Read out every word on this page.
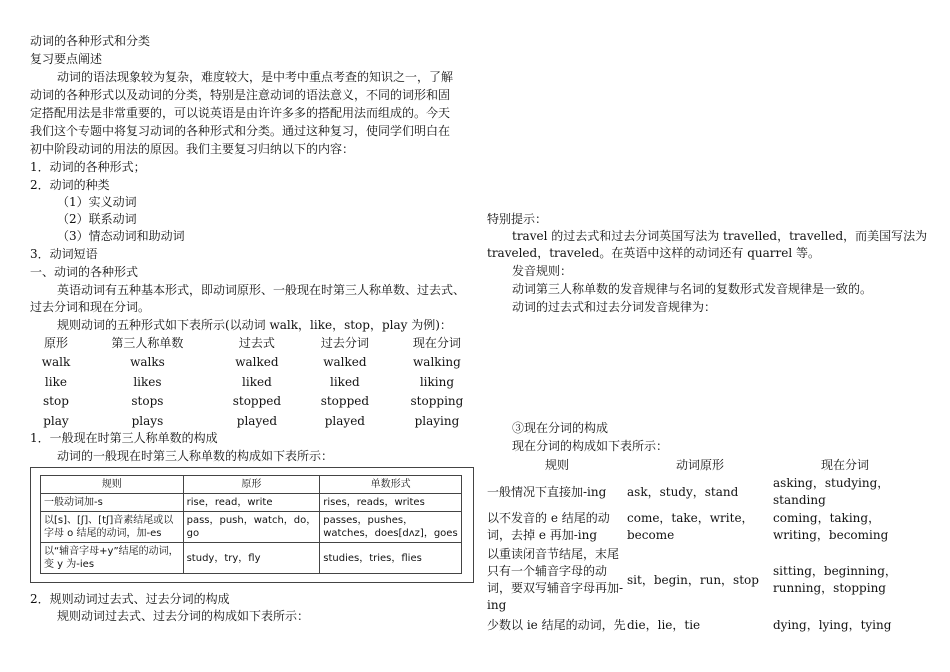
动词的各种形式和分类
复习要点阐述
动词的语法现象较为复杂，难度较大，是中考中重点考查的知识之一，了解
动词的各种形式以及动词的分类，特别是注意动词的语法意义，不同的词形和固
定搭配用法是非常重要的，可以说英语是由许许多多的搭配用法而组成的。今天
我们这个专题中将复习动词的各种形式和分类。通过这种复习，使同学们明白在
初中阶段动词的用法的原因。我们主要复习归纳以下的内容：
1．动词的各种形式；
2．动词的种类
（1）实义动词
（2）联系动词
（3）情态动词和助动词
3．动词短语
一、动词的各种形式
英语动词有五种基本形式，即动词原形、一般现在时第三人称单数、过去式、
过去分词和现在分词。
规则动词的五种形式如下表所示(以动词 walk，like，stop，play 为例)：
原形	第三人称单数	过去式	过去分词	现在分词
walk	walks	walked	walked	walking
like	likes	liked	liked	liking
stop	stops	stopped	stopped	stopping
play	plays	played	played	playing
1．一般现在时第三人称单数的构成
动词的一般现在时第三人称单数的构成如下表所示：
规则	原形	单数形式
一般动词加-s	rise，read，write	rises，reads，writes
以[s]、[ʃ]、[tʃ]音素结尾或以字母 o 结尾的动词，加-es	pass，push，watch，do，go	passes，pushes，watches，does[dʌz]，goes
以“辅音字母+y”结尾的动词，变 y 为-ies	study，try，fly	studies，tries，flies
2．规则动词过去式、过去分词的构成
规则动词过去式、过去分词的构成如下表所示：
特别提示：
travel 的过去式和过去分词英国写法为 travelled，travelled，而美国写法为
traveled，traveled。在英语中这样的动词还有 quarrel 等。
发音规则：
动词第三人称单数的发音规律与名词的复数形式发音规律是一致的。
动词的过去式和过去分词发音规律为：
③现在分词的构成
现在分词的构成如下表所示：
规则	动词原形	现在分词
一般情况下直接加-ing	ask，study，stand	asking，studying，standing
以不发音的 e 结尾的动词，去掉 e 再加-ing	come，take，write，become	coming，taking，writing，becoming
以重读闭音节结尾，末尾只有一个辅音字母的动词，要双写辅音字母再加-ing	sit，begin，run，stop	sitting，beginning，running，stopping
少数以 ie 结尾的动词，先	die，lie，tie	dying，lying，tying
